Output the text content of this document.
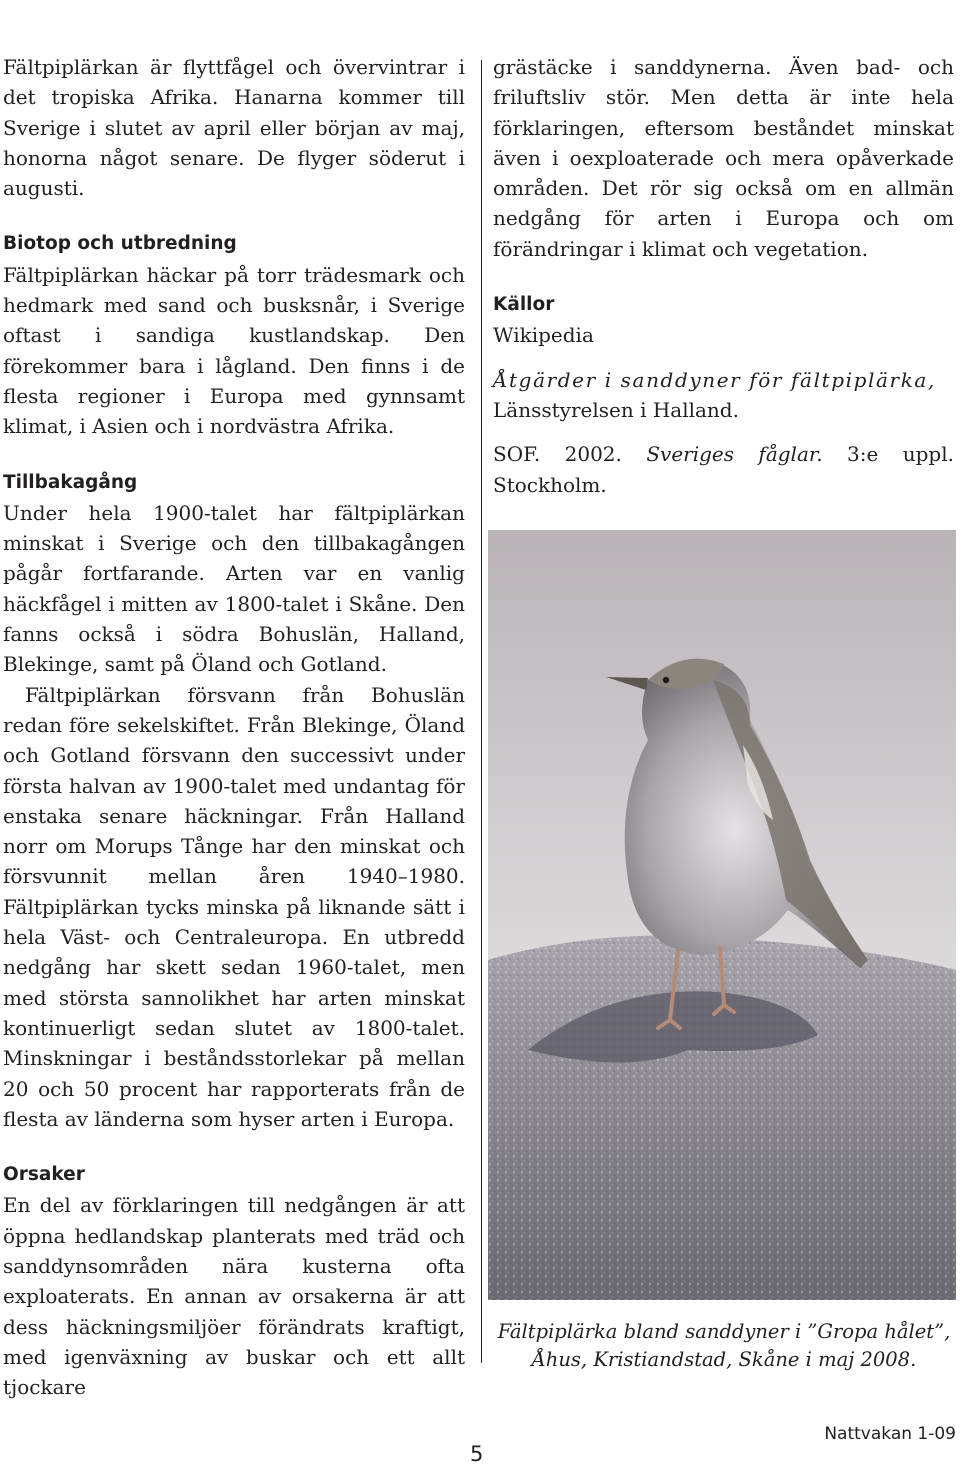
Fältpiplärkan är flyttfågel och övervintrar i det tropiska Afrika. Hanarna kommer till Sverige i slutet av april eller början av maj, honorna något senare. De flyger söderut i augusti.

Biotop och utbredning

Fältpiplärkan häckar på torr trädesmark och hedmark med sand och busksnår, i Sverige oftast i sandiga kustlandskap. Den förekommer bara i lågland. Den finns i de flesta regioner i Europa med gynnsamt klimat, i Asien och i nordvästra Afrika.

Tillbakagång

Under hela 1900-talet har fältpiplärkan minskat i Sverige och den tillbakagången pågår fortfarande. Arten var en vanlig häckfågel i mitten av 1800-talet i Skåne. Den fanns också i södra Bohuslän, Halland, Blekinge, samt på Öland och Gotland.

Fältpiplärkan försvann från Bohuslän redan före sekelskiftet. Från Blekinge, Öland och Gotland försvann den successivt under första halvan av 1900-talet med undantag för enstaka senare häckningar. Från Halland norr om Morups Tånge har den minskat och försvunnit mellan åren 1940–1980. Fältpiplärkan tycks minska på liknande sätt i hela Väst- och Centraleuropa. En utbredd nedgång har skett sedan 1960-talet, men med största sannolikhet har arten minskat kontinuerligt sedan slutet av 1800-talet. Minskningar i beståndsstorlekar på mellan 20 och 50 procent har rapporterats från de flesta av länderna som hyser arten i Europa.

Orsaker

En del av förklaringen till nedgången är att öppna hedlandskap planterats med träd och sanddynsområden nära kusterna ofta exploaterats. En annan av orsakerna är att dess häckningsmiljöer förändrats kraftigt, med igenväxning av buskar och ett allt tjockare

grästäcke i sanddynerna. Även bad- och friluftsliv stör. Men detta är inte hela förklaringen, eftersom beståndet minskat även i oexploaterade och mera opåverkade områden. Det rör sig också om en allmän nedgång för arten i Europa och om förändringar i klimat och vegetation.

Källor

Wikipedia

Åtgärder i sanddyner för fältpiplärka,
Länsstyrelsen i Halland.

SOF. 2002. Sveriges fåglar. 3:e uppl. Stockholm.

Fältpiplärka bland sanddyner i ”Gropa hålet”,
Åhus, Kristiandstad, Skåne i maj 2008.
5
Nattvakan 1-09
